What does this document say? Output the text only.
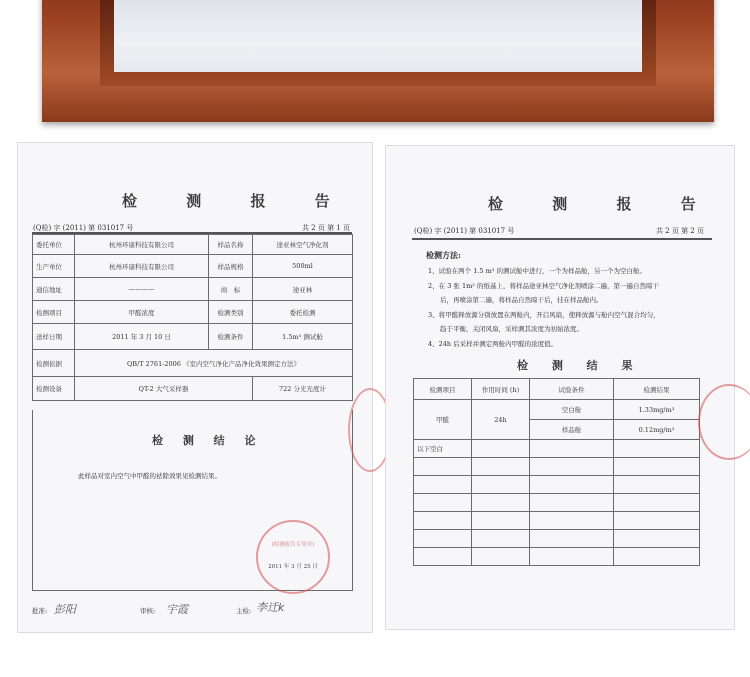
检 测 报 告
(Q检) 字 (2011) 第 031017 号	共 2 页 第 1 页
委托单位	杭州环康科技有限公司	样品名称	途亚林空气净化剂
生产单位	杭州环康科技有限公司	样品规格	500ml
通信地址	————	商　标	途亚林
检测项目	甲醛浓度	检测类别	委托检测
送样日期	2011 年 3 月 10 日	检测条件	1.5m³ 测试舱
检测依据	QB/T 2761-2006 《室内空气净化产品净化效果测定方法》		
检测设备	QT-2 大气采样器		722 分光光度计
检 测 结 论
此样品对室内空气中甲醛的祛除效果见检测结果。
(检测报告专用章)
2011 年 3 月 25 日
批准: 彭阳	审核: 宇霞	主检: 李迁k
检 测 报 告
(Q检) 字 (2011) 第 031017 号	共 2 页 第 2 页
检测方法:
1、试验在两个 1.5 m³ 的测试舱中进行，一个为样品舱，另一个为空白舱。
2、在 3 张 1m² 的纸基上，将样品途亚林空气净化剂喷涂二遍，第一遍自然晾干
后，再喷涂第二遍，将样品自然晾干后，挂在样品舱内。
3、将甲醛释放源分别放置在两舱内，开启风扇，使释放源与舱内空气混合均匀，
趋于平衡，关闭风扇，采样测其浓度为初始浓度。
4、24h 后采样并测定两舱内甲醛的浓度值。
检 测 结 果
检测项目	作用时间 (h)	试验条件	检测结果
甲醛	24h	空白舱	1.33mg/m³
		样品舱	0.12mg/m³
以下空白			
